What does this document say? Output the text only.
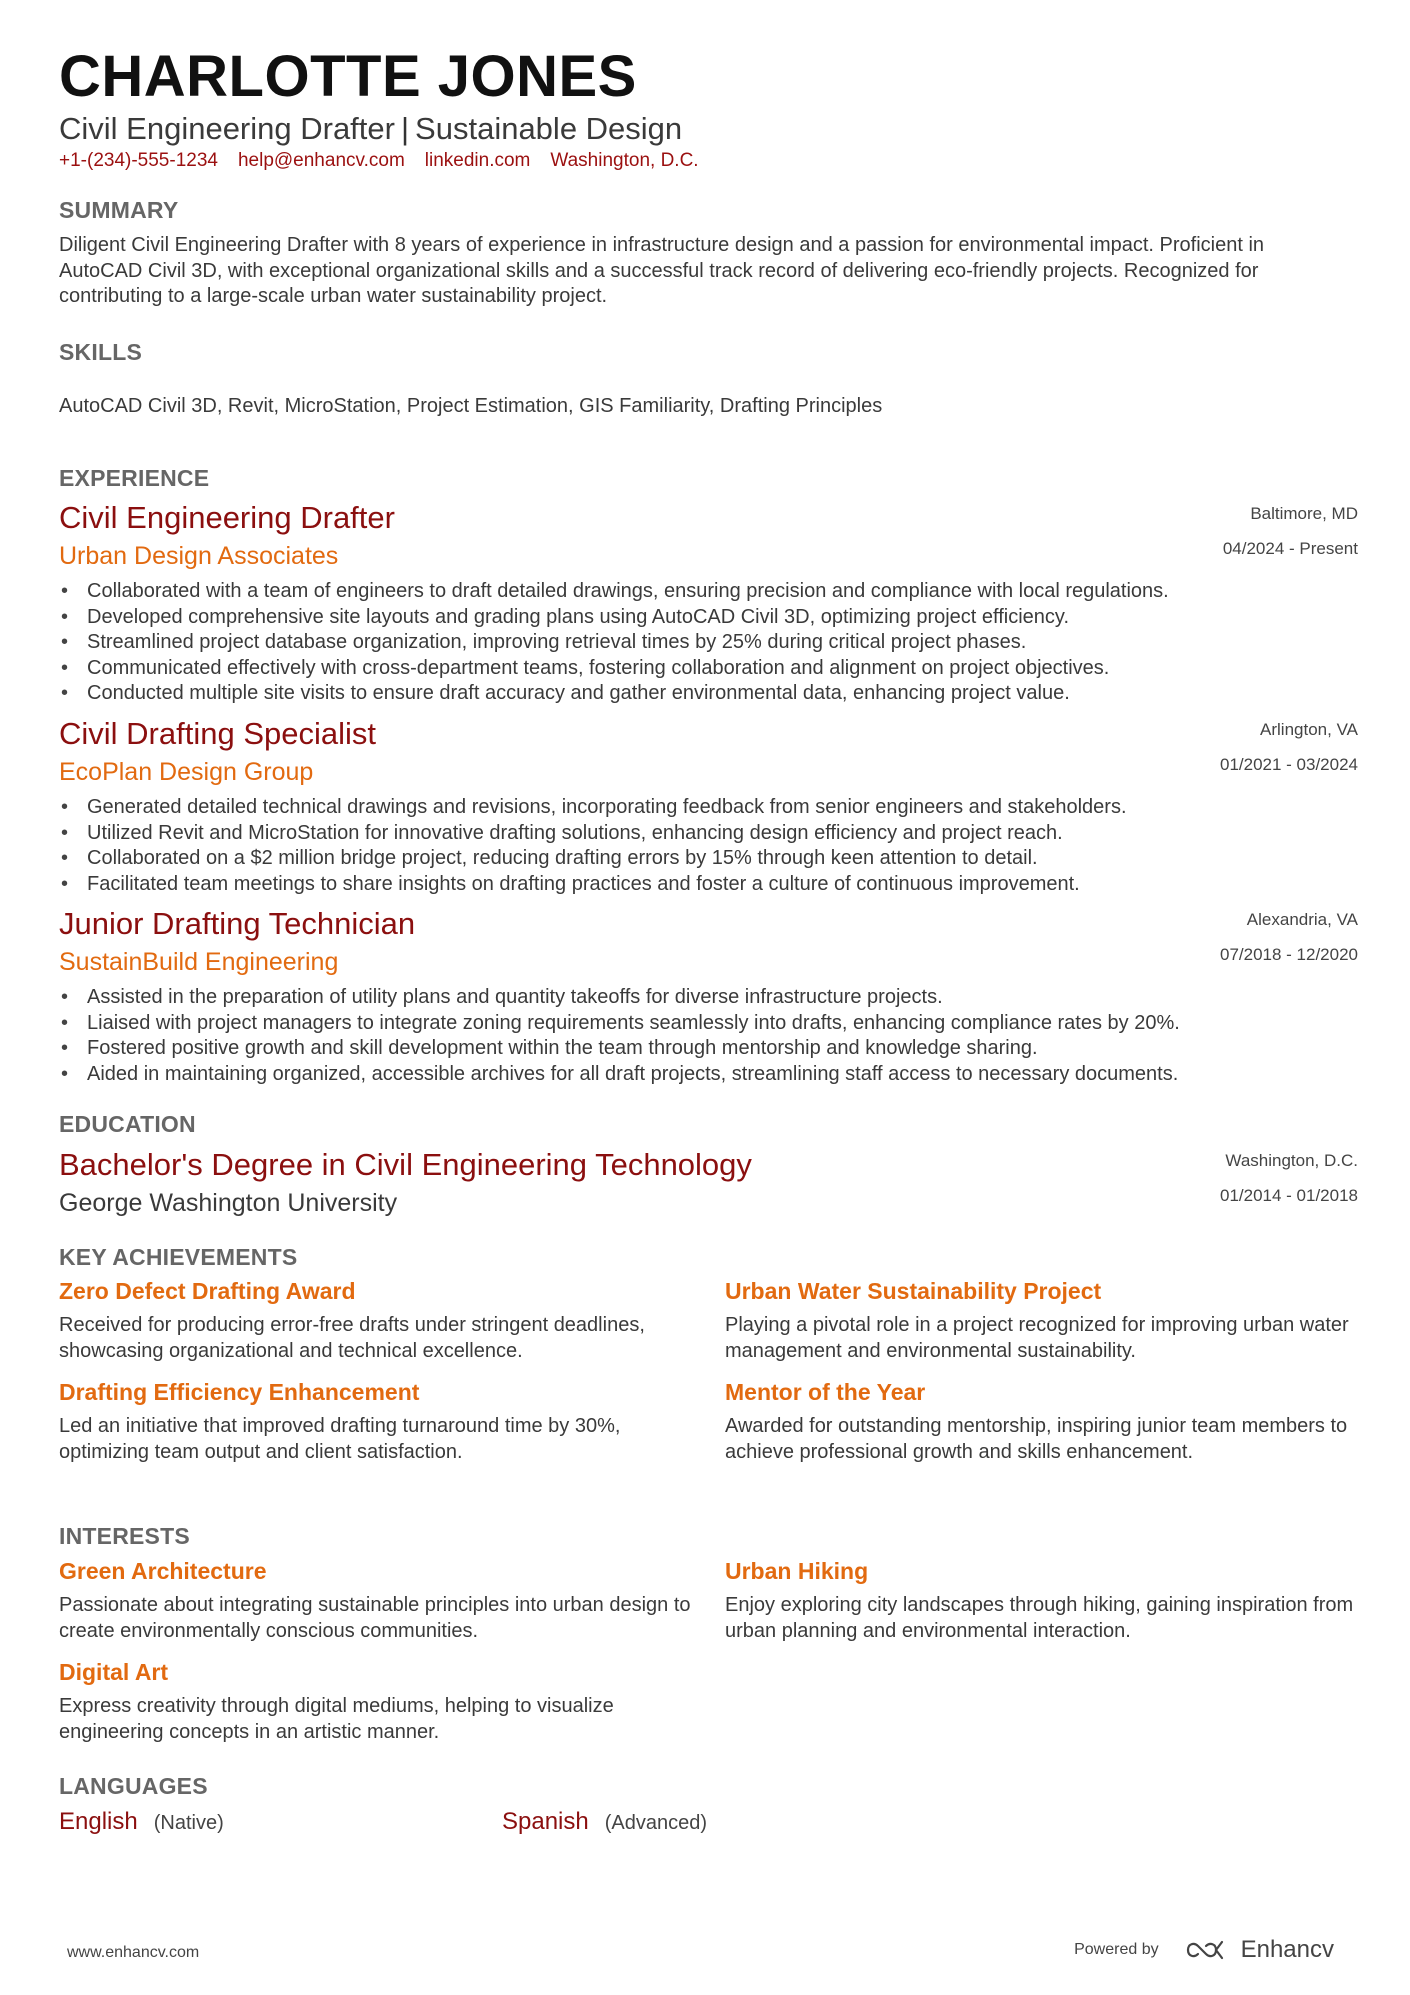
CHARLOTTE JONES
Civil Engineering Drafter | Sustainable Design
+1-(234)-555-1234 help@enhancv.com linkedin.com Washington, D.C.
SUMMARY
Diligent Civil Engineering Drafter with 8 years of experience in infrastructure design and a passion for environmental impact. Proficient in AutoCAD Civil 3D, with exceptional organizational skills and a successful track record of delivering eco-friendly projects. Recognized for contributing to a large-scale urban water sustainability project.
SKILLS
AutoCAD Civil 3D, Revit, MicroStation, Project Estimation, GIS Familiarity, Drafting Principles
EXPERIENCE
Civil Engineering Drafter
Urban Design Associates
Baltimore, MD
04/2024 - Present
• Collaborated with a team of engineers to draft detailed drawings, ensuring precision and compliance with local regulations.
• Developed comprehensive site layouts and grading plans using AutoCAD Civil 3D, optimizing project efficiency.
• Streamlined project database organization, improving retrieval times by 25% during critical project phases.
• Communicated effectively with cross-department teams, fostering collaboration and alignment on project objectives.
• Conducted multiple site visits to ensure draft accuracy and gather environmental data, enhancing project value.
Civil Drafting Specialist
EcoPlan Design Group
Arlington, VA
01/2021 - 03/2024
• Generated detailed technical drawings and revisions, incorporating feedback from senior engineers and stakeholders.
• Utilized Revit and MicroStation for innovative drafting solutions, enhancing design efficiency and project reach.
• Collaborated on a $2 million bridge project, reducing drafting errors by 15% through keen attention to detail.
• Facilitated team meetings to share insights on drafting practices and foster a culture of continuous improvement.
Junior Drafting Technician
SustainBuild Engineering
Alexandria, VA
07/2018 - 12/2020
• Assisted in the preparation of utility plans and quantity takeoffs for diverse infrastructure projects.
• Liaised with project managers to integrate zoning requirements seamlessly into drafts, enhancing compliance rates by 20%.
• Fostered positive growth and skill development within the team through mentorship and knowledge sharing.
• Aided in maintaining organized, accessible archives for all draft projects, streamlining staff access to necessary documents.
EDUCATION
Bachelor's Degree in Civil Engineering Technology
George Washington University
Washington, D.C.
01/2014 - 01/2018
KEY ACHIEVEMENTS
Zero Defect Drafting Award
Received for producing error-free drafts under stringent deadlines, showcasing organizational and technical excellence.
Urban Water Sustainability Project
Playing a pivotal role in a project recognized for improving urban water management and environmental sustainability.
Drafting Efficiency Enhancement
Led an initiative that improved drafting turnaround time by 30%, optimizing team output and client satisfaction.
Mentor of the Year
Awarded for outstanding mentorship, inspiring junior team members to achieve professional growth and skills enhancement.
INTERESTS
Green Architecture
Passionate about integrating sustainable principles into urban design to create environmentally conscious communities.
Urban Hiking
Enjoy exploring city landscapes through hiking, gaining inspiration from urban planning and environmental interaction.
Digital Art
Express creativity through digital mediums, helping to visualize engineering concepts in an artistic manner.
LANGUAGES
English (Native)	Spanish (Advanced)
www.enhancv.com	Powered by	Enhancv
